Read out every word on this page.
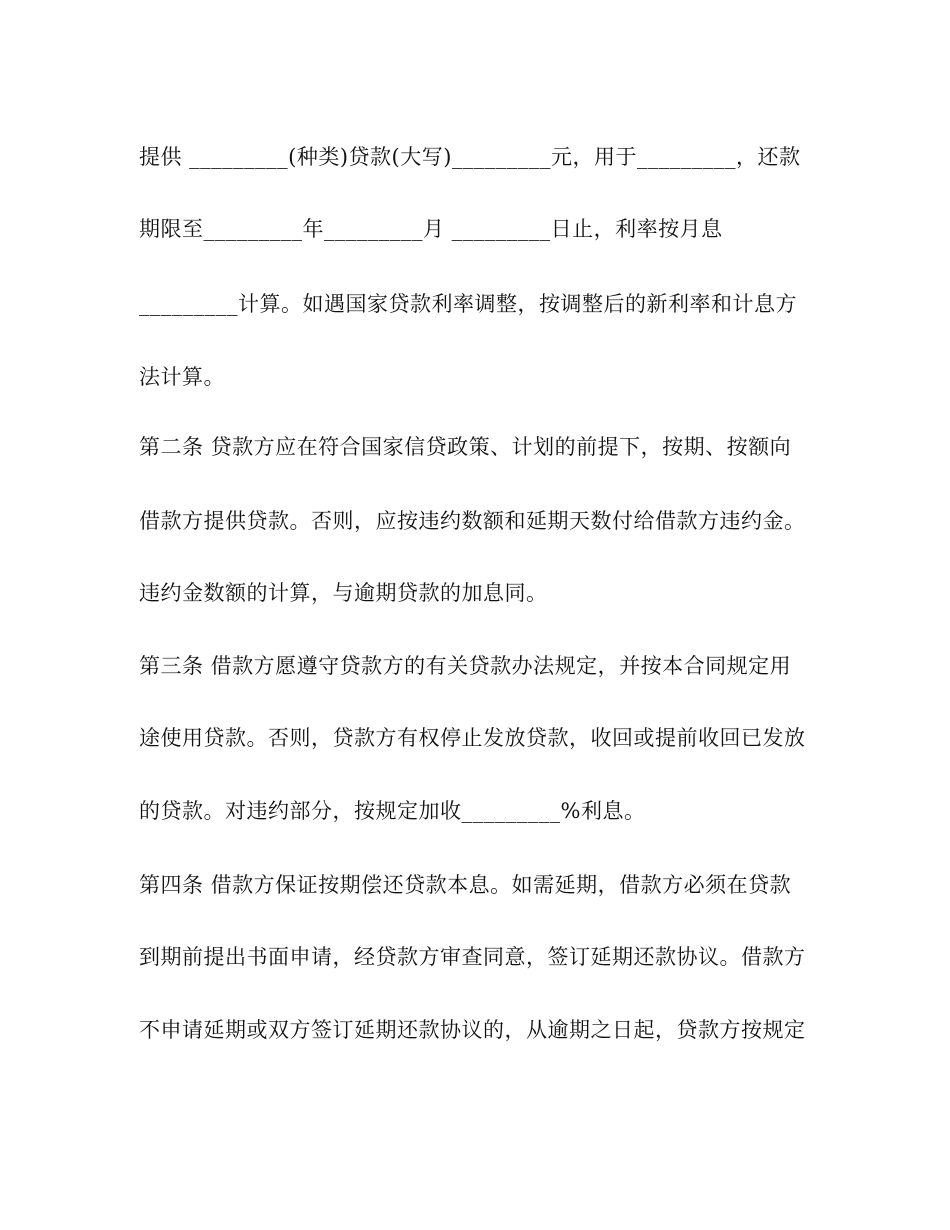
提供 _________(种类)贷款(大写)_________元，用于_________，还款
期限至_________年_________月 _________日止，利率按月息
_________计算。如遇国家贷款利率调整，按调整后的新利率和计息方
法计算。
第二条 贷款方应在符合国家信贷政策、计划的前提下，按期、按额向
借款方提供贷款。否则，应按违约数额和延期天数付给借款方违约金。
违约金数额的计算，与逾期贷款的加息同。
第三条 借款方愿遵守贷款方的有关贷款办法规定，并按本合同规定用
途使用贷款。否则，贷款方有权停止发放贷款，收回或提前收回已发放
的贷款。对违约部分，按规定加收_________%利息。
第四条 借款方保证按期偿还贷款本息。如需延期，借款方必须在贷款
到期前提出书面申请，经贷款方审查同意，签订延期还款协议。借款方
不申请延期或双方签订延期还款协议的，从逾期之日起，贷款方按规定
